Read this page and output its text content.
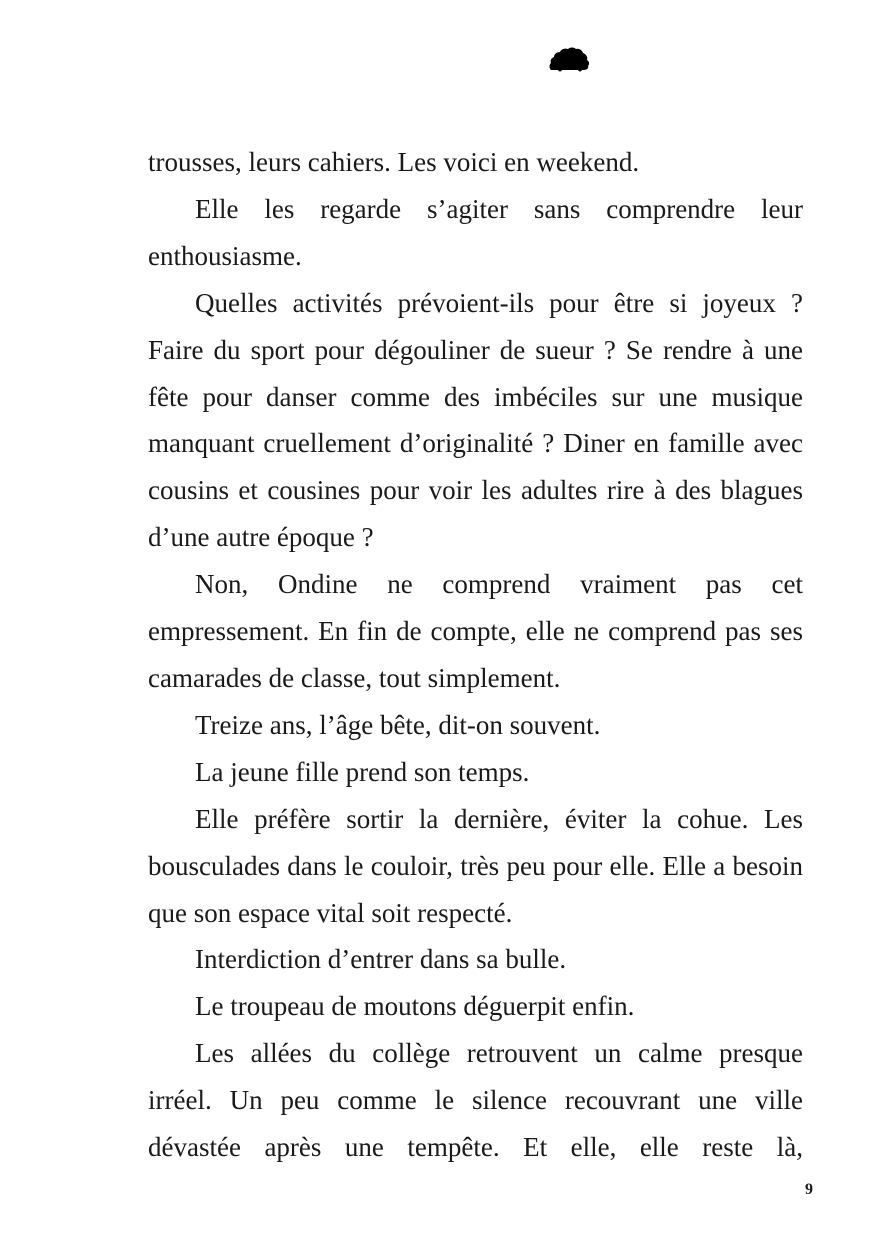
trousses, leurs cahiers. Les voici en weekend.

Elle les regarde s’agiter sans comprendre leur enthousiasme.

Quelles activités prévoient-ils pour être si joyeux ? Faire du sport pour dégouliner de sueur ? Se rendre à une fête pour danser comme des imbéciles sur une musique manquant cruellement d’originalité ? Diner en famille avec cousins et cousines pour voir les adultes rire à des blagues d’une autre époque ?

Non, Ondine ne comprend vraiment pas cet empressement. En fin de compte, elle ne comprend pas ses camarades de classe, tout simplement.

Treize ans, l’âge bête, dit-on souvent.

La jeune fille prend son temps.

Elle préfère sortir la dernière, éviter la cohue. Les bousculades dans le couloir, très peu pour elle. Elle a besoin que son espace vital soit respecté.

Interdiction d’entrer dans sa bulle.

Le troupeau de moutons déguerpit enfin.

Les allées du collège retrouvent un calme presque irréel. Un peu comme le silence recouvrant une ville dévastée après une tempête. Et elle, elle reste là,

9
